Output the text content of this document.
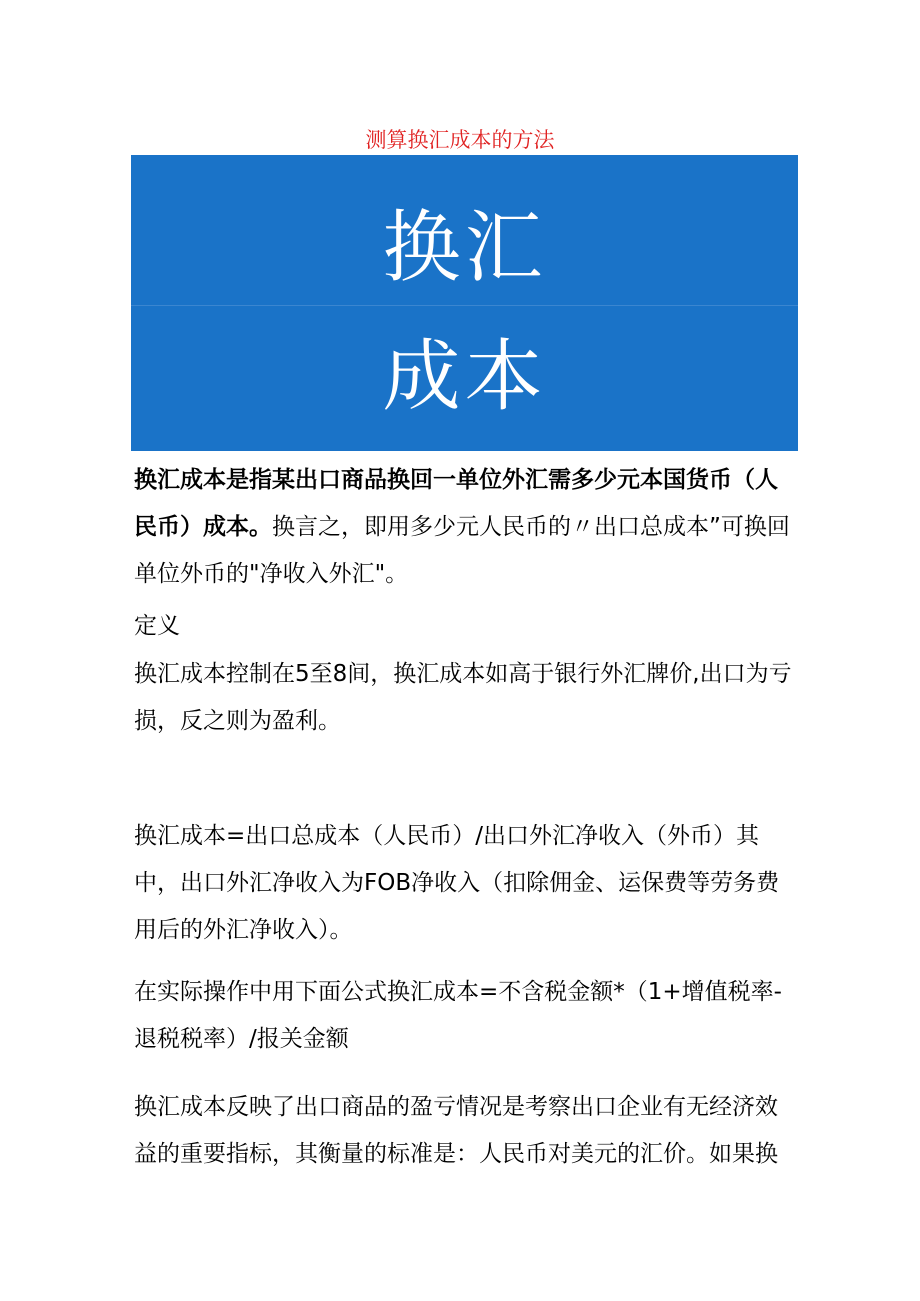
测算换汇成本的方法
换汇
成本
换汇成本是指某出口商品换回一单位外汇需多少元本国货币（人民币）成本。换言之，即用多少元人民币的〃出口总成本”可换回单位外币的"净收入外汇"。
定义
换汇成本控制在5至8间，换汇成本如高于银行外汇牌价,出口为亏损，反之则为盈利。
换汇成本=出口总成本（人民币）/出口外汇净收入（外币）其中，出口外汇净收入为FOB净收入（扣除佣金、运保费等劳务费用后的外汇净收入）。
在实际操作中用下面公式换汇成本=不含税金额*（1+增值税率-退税税率）/报关金额
换汇成本反映了出口商品的盈亏情况是考察出口企业有无经济效益的重要指标，其衡量的标准是：人民币对美元的汇价。如果换
